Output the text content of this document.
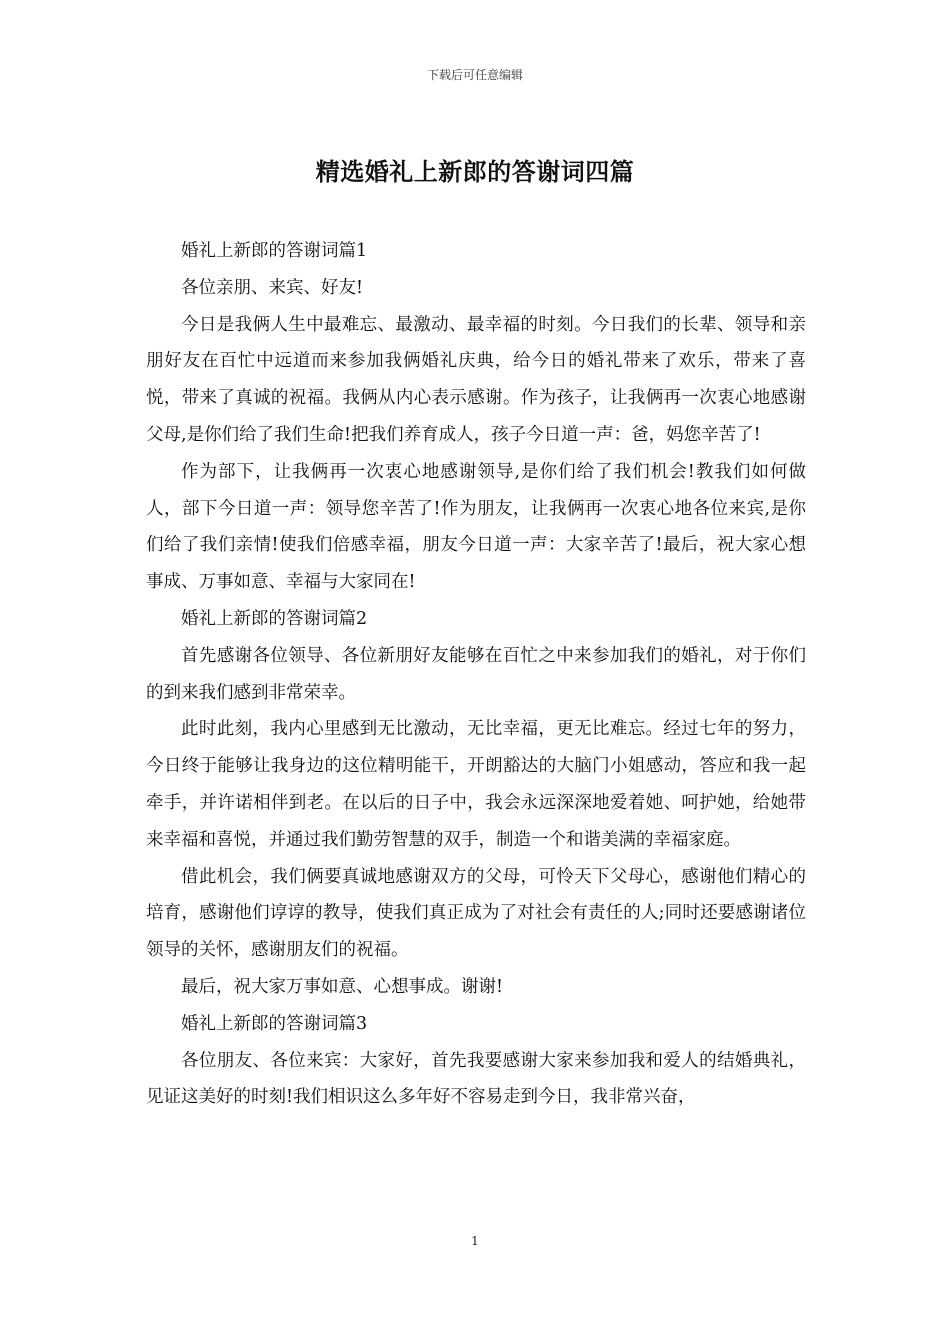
下载后可任意编辑
精选婚礼上新郎的答谢词四篇

婚礼上新郎的答谢词篇1

各位亲朋、来宾、好友!

今日是我俩人生中最难忘、最激动、最幸福的时刻。今日我们的长辈、领导和亲朋好友在百忙中远道而来参加我俩婚礼庆典，给今日的婚礼带来了欢乐，带来了喜悦，带来了真诚的祝福。我俩从内心表示感谢。作为孩子，让我俩再一次衷心地感谢父母,是你们给了我们生命!把我们养育成人，孩子今日道一声：爸，妈您辛苦了!

作为部下，让我俩再一次衷心地感谢领导,是你们给了我们机会!教我们如何做人，部下今日道一声：领导您辛苦了!作为朋友，让我俩再一次衷心地各位来宾,是你们给了我们亲情!使我们倍感幸福，朋友今日道一声：大家辛苦了!最后，祝大家心想事成、万事如意、幸福与大家同在!

婚礼上新郎的答谢词篇2

首先感谢各位领导、各位新朋好友能够在百忙之中来参加我们的婚礼，对于你们的到来我们感到非常荣幸。

此时此刻，我内心里感到无比激动，无比幸福，更无比难忘。经过七年的努力，今日终于能够让我身边的这位精明能干，开朗豁达的大脑门小姐感动，答应和我一起牵手，并许诺相伴到老。在以后的日子中，我会永远深深地爱着她、呵护她，给她带来幸福和喜悦，并通过我们勤劳智慧的双手，制造一个和谐美满的幸福家庭。

借此机会，我们俩要真诚地感谢双方的父母，可怜天下父母心，感谢他们精心的培育，感谢他们谆谆的教导，使我们真正成为了对社会有责任的人;同时还要感谢诸位领导的关怀，感谢朋友们的祝福。

最后，祝大家万事如意、心想事成。谢谢!

婚礼上新郎的答谢词篇3

各位朋友、各位来宾：大家好，首先我要感谢大家来参加我和爱人的结婚典礼，见证这美好的时刻!我们相识这么多年好不容易走到今日，我非常兴奋，

1
